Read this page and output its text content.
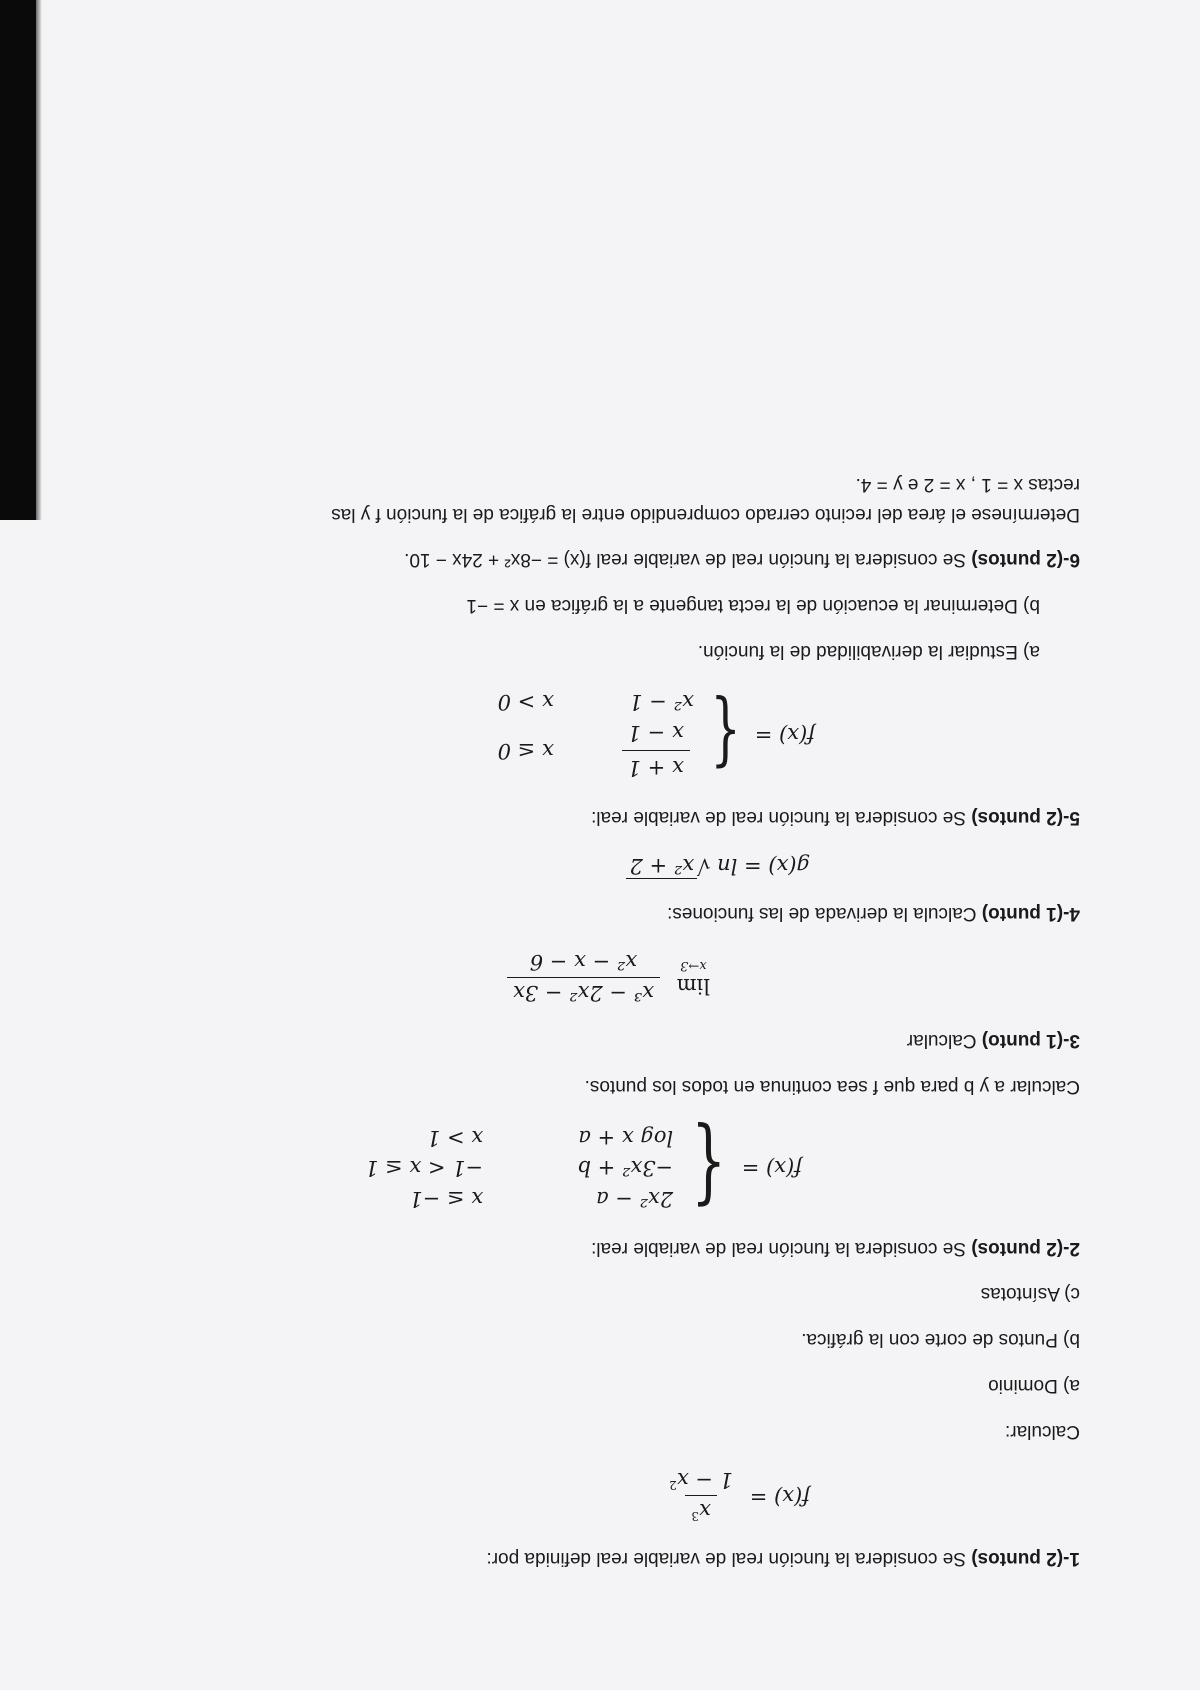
1-(2 puntos) Se considera la función real de variable real definida por:
f(x) =
$x^3$
$1 - x^2$
Calcular:
a) Dominio
b) Puntos de corte con la gráfica.
c) Asíntotas
2-(2 puntos) Se considera la función real de variable real:
f(x) =
{
2x² − a
x ≤ −1
−3x² + b
−1 < x ≤ 1
log x + a
x > 1
Calcular a y b para que f sea continua en todos los puntos.
3-(1 punto) Calcular
lim
x→3

x³ − 2x² − 3x
x² − x − 6
4-(1 punto) Calcula la derivada de las funciones:
g(x) = ln √x² + 2
5-(2 puntos) Se considera la función real de variable real:
f(x) =
{
x + 1
x − 1
x ≤ 0
x² − 1
x > 0
a) Estudiar la derivabilidad de la función.
b) Determinar la ecuación de la recta tangente a la gráfica en x = −1
6-(2 puntos) Se considera la función real de variable real f(x) = −8x² + 24x − 10.
Determínese el área del recinto cerrado comprendido entre la gráfica de la función f y las
rectas x = 1 , x = 2 e y = 4.
